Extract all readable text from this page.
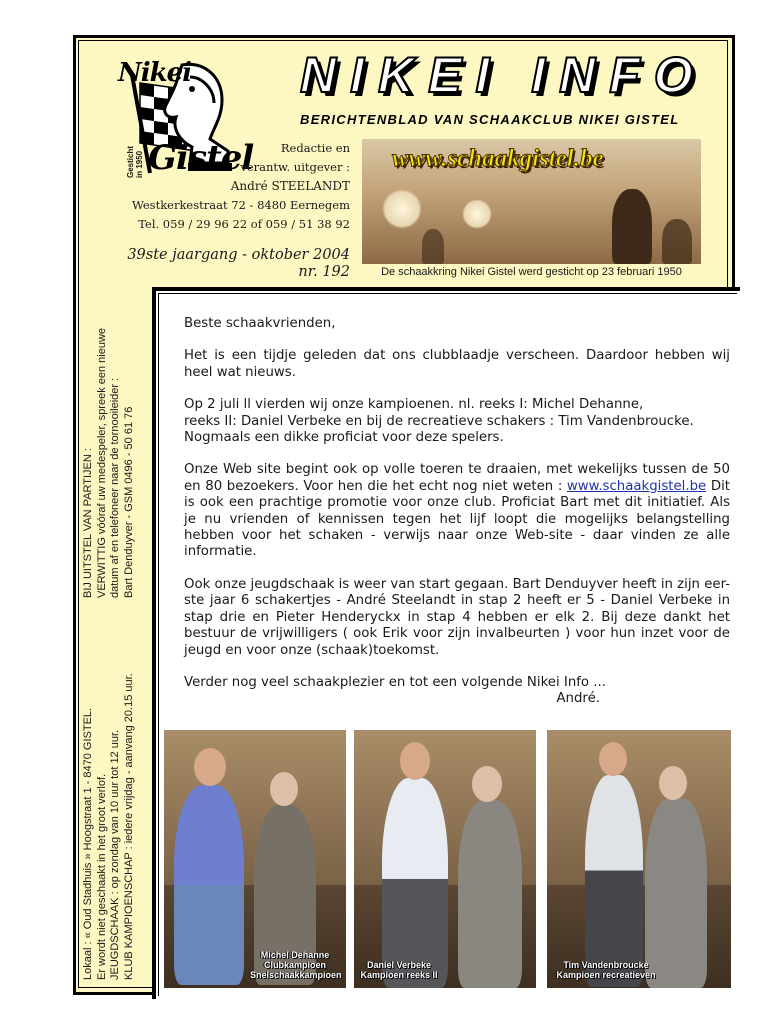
Nikei
Gistel
Gesticht in 1950
NIKEI INFO
BERICHTENBLAD VAN SCHAAKCLUB NIKEI GISTEL
Redactie en
verantw. uitgever :
André STEELANDT
Westkerkestraat 72 - 8480 Eernegem
Tel. 059 / 29 96 22 of 059 / 51 38 92
39ste jaargang - oktober 2004
nr. 192
www.schaakgistel.be
De schaakkring Nikei Gistel werd gesticht op 23 februari 1950

Lokaal : « Oud Stadhuis » Hoogstraat 1 - 8470 GISTEL. Er wordt niet geschaakt in het groot verlof. JEUGDSCHAAK : op zondag van 10 uur tot 12 uur. KLUB KAMPIOENSCHAP : iedere vrijdag - aanvang 20.15 uur.

BIJ UITSTEL VAN PARTIJEN : VERWITTIG vóóraf uw medespeler, spreek een nieuwe datum af en telefoneer naar de tornooileider : Bart Denduyver - GSM 0496 - 50 61 76

Beste schaakvrienden,

Het is een tijdje geleden dat ons clubblaadje verscheen. Daardoor hebben wij heel wat nieuws.

Op 2 juli ll vierden wij onze kampioenen. nl. reeks I: Michel Dehanne,
reeks II: Daniel Verbeke en bij de recreatieve schakers : Tim Vandenbroucke.
Nogmaals een dikke proficiat voor deze spelers.

Onze Web site begint ook op volle toeren te draaien, met wekelijks tussen de 50 en 80 bezoekers. Voor hen die het echt nog niet weten : www.schaakgistel.be Dit is ook een prachtige promotie voor onze club. Proficiat Bart met dit initiatief. Als je nu vrienden of kennissen tegen het lijf loopt die mogelijks belangstelling hebben voor het schaken - verwijs naar onze Web-site - daar vinden ze alle informatie.

Ook onze jeugdschaak is weer van start gegaan. Bart Denduyver heeft in zijn eer- ste jaar 6 schakertjes - André Steelandt in stap 2 heeft er 5 - Daniel Verbeke in stap drie en Pieter Henderyckx in stap 4 hebben er elk 2. Bij deze dankt het bestuur de vrijwilligers ( ook Erik voor zijn invalbeurten ) voor hun inzet voor de jeugd en voor onze (schaak)toekomst.

Verder nog veel schaakplezier en tot een volgende Nikei Info ...

André.

Michel Dehanne
Clubkampioen
Snelschaakkampioen
Daniel Verbeke
Kampioen reeks II
Tim Vandenbroucke
Kampioen recreatieven
